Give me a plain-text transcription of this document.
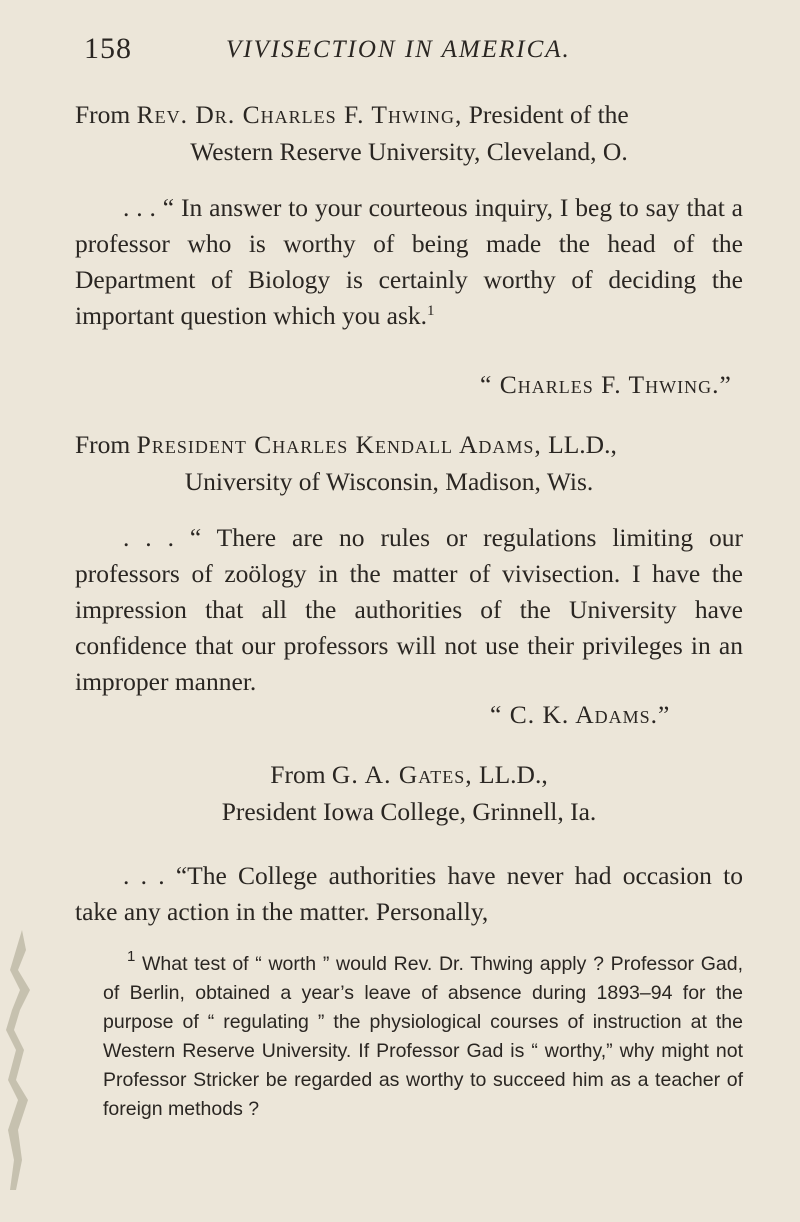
158	VIVISECTION IN AMERICA.
From Rev. Dr. Charles F. Thwing, President of the
Western Reserve University, Cleveland, O.
. . . “ In answer to your courteous inquiry, I beg to say that a professor who is worthy of being made the head of the Department of Biology is certainly worthy of deciding the important question which you ask.$^1$
“ Charles F. Thwing.”
From President Charles Kendall Adams, LL.D.,
University of Wisconsin, Madison, Wis.
. . . “ There are no rules or regulations limiting our professors of zoölogy in the matter of vivisection. I have the impression that all the authorities of the University have confidence that our professors will not use their privileges in an improper manner.
“ C. K. Adams.”
From G. A. Gates, LL.D.,
President Iowa College, Grinnell, Ia.
. . . “The College authorities have never had occasion to take any action in the matter. Personally,
$^1$ What test of “ worth ” would Rev. Dr. Thwing apply ? Professor Gad, of Berlin, obtained a year’s leave of absence during 1893–94 for the purpose of “ regulating ” the physiological courses of instruction at the Western Reserve University. If Professor Gad is “ worthy,” why might not Professor Stricker be regarded as worthy to succeed him as a teacher of foreign methods ?
